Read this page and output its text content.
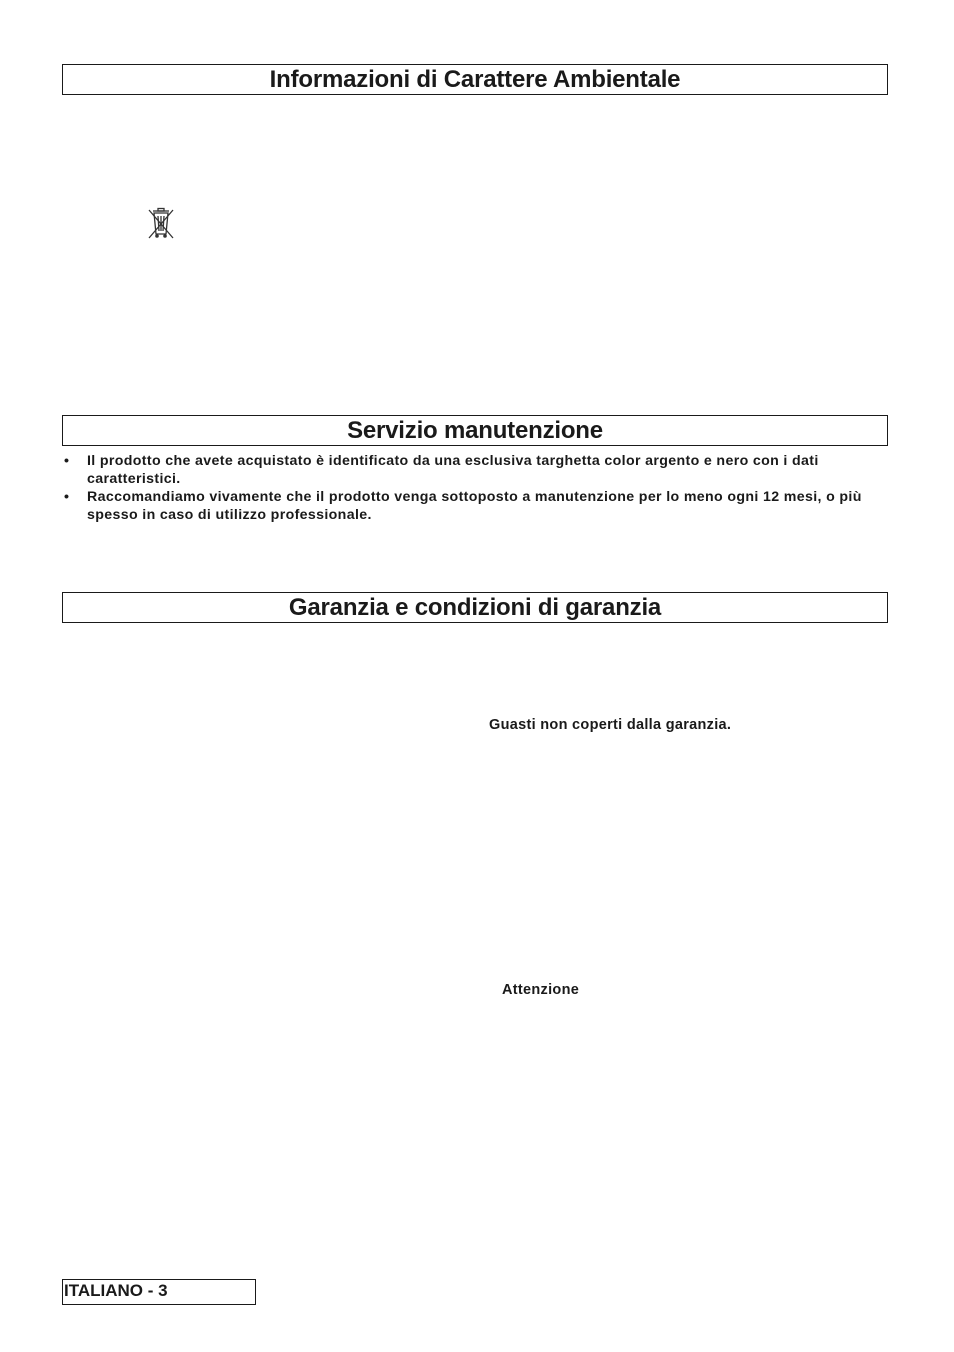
Informazioni di Carattere Ambientale
Servizio manutenzione
• Il prodotto che avete acquistato è identificato da una esclusiva targhetta color argento e nero con i dati caratteristici.
• Raccomandiamo vivamente che il prodotto venga sottoposto a manutenzione per lo meno ogni 12 mesi, o più spesso in caso di utilizzo professionale.
Garanzia e condizioni di garanzia
Guasti non coperti dalla garanzia.
Attenzione
ITALIANO - 3
